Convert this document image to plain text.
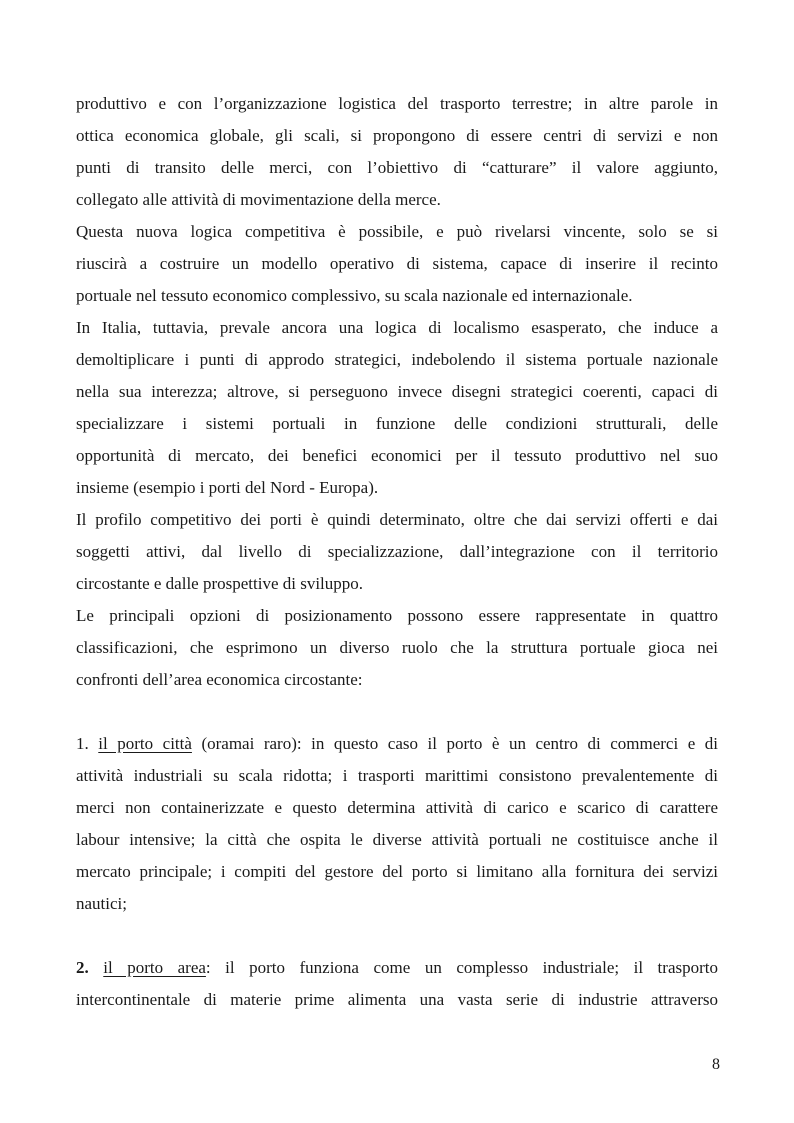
produttivo e con l’organizzazione logistica del trasporto terrestre; in altre parole in
ottica economica globale, gli scali, si propongono di essere centri di servizi e non
punti di transito delle merci, con l’obiettivo di “catturare” il valore aggiunto,
collegato alle attività di movimentazione della merce.

Questa nuova logica competitiva è possibile, e può rivelarsi vincente, solo se si
riuscirà a costruire un modello operativo di sistema, capace di inserire il recinto
portuale nel tessuto economico complessivo, su scala nazionale ed internazionale.

In Italia, tuttavia, prevale ancora una logica di localismo esasperato, che induce a
demoltiplicare i punti di approdo strategici, indebolendo il sistema portuale nazionale
nella sua interezza; altrove, si perseguono invece disegni strategici coerenti, capaci di
specializzare i sistemi portuali in funzione delle condizioni strutturali, delle
opportunità di mercato, dei benefici economici per il tessuto produttivo nel suo
insieme (esempio i porti del Nord - Europa).

Il profilo competitivo dei porti è quindi determinato, oltre che dai servizi offerti e dai
soggetti attivi, dal livello di specializzazione, dall’integrazione con il territorio
circostante e dalle prospettive di sviluppo.

Le principali opzioni di posizionamento possono essere rappresentate in quattro
classificazioni, che esprimono un diverso ruolo che la struttura portuale gioca nei
confronti dell’area economica circostante:

1. il porto città (oramai raro): in questo caso il porto è un centro di commerci e di
attività industriali su scala ridotta; i trasporti marittimi consistono prevalentemente di
merci non containerizzate e questo determina attività di carico e scarico di carattere
labour intensive; la città che ospita le diverse attività portuali ne costituisce anche il
mercato principale; i compiti del gestore del porto si limitano alla fornitura dei servizi
nautici;

2. il porto area: il porto funziona come un complesso industriale; il trasporto
intercontinentale di materie prime alimenta una vasta serie di industrie attraverso

8
